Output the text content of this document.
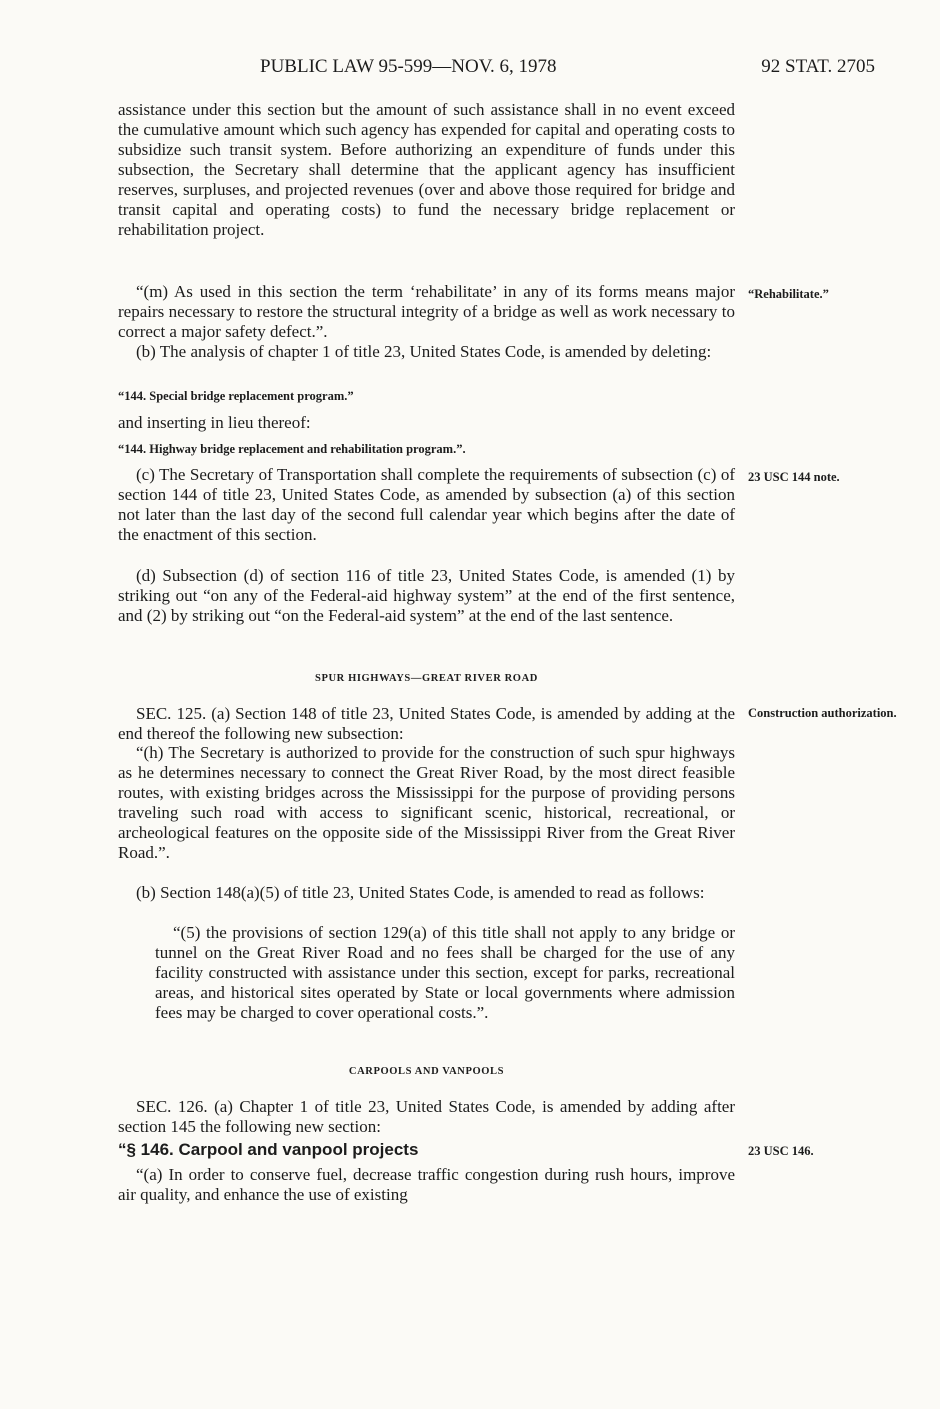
PUBLIC LAW 95-599—NOV. 6, 1978	92 STAT. 2705

assistance under this section but the amount of such assistance shall in no event exceed the cumulative amount which such agency has expended for capital and operating costs to subsidize such transit system. Before authorizing an expenditure of funds under this subsection, the Secretary shall determine that the applicant agency has insufficient reserves, surpluses, and projected revenues (over and above those required for bridge and transit capital and operating costs) to fund the necessary bridge replacement or rehabilitation project.

“(m) As used in this section the term ‘rehabilitate’ in any of its forms means major repairs necessary to restore the structural integrity of a bridge as well as work necessary to correct a major safety defect.”.

“Rehabilitate.”

(b) The analysis of chapter 1 of title 23, United States Code, is amended by deleting:

“144. Special bridge replacement program.”

and inserting in lieu thereof:

“144. Highway bridge replacement and rehabilitation program.”.

(c) The Secretary of Transportation shall complete the requirements of subsection (c) of section 144 of title 23, United States Code, as amended by subsection (a) of this section not later than the last day of the second full calendar year which begins after the date of the enactment of this section.

23 USC 144 note.

(d) Subsection (d) of section 116 of title 23, United States Code, is amended (1) by striking out “on any of the Federal-aid highway system” at the end of the first sentence, and (2) by striking out “on the Federal-aid system” at the end of the last sentence.

SPUR HIGHWAYS—GREAT RIVER ROAD

SEC. 125. (a) Section 148 of title 23, United States Code, is amended by adding at the end thereof the following new subsection:

Construction authorization.

“(h) The Secretary is authorized to provide for the construction of such spur highways as he determines necessary to connect the Great River Road, by the most direct feasible routes, with existing bridges across the Mississippi for the purpose of providing persons traveling such road with access to significant scenic, historical, recreational, or archeological features on the opposite side of the Mississippi River from the Great River Road.”.

(b) Section 148(a)(5) of title 23, United States Code, is amended to read as follows:

“(5) the provisions of section 129(a) of this title shall not apply to any bridge or tunnel on the Great River Road and no fees shall be charged for the use of any facility constructed with assistance under this section, except for parks, recreational areas, and historical sites operated by State or local governments where admission fees may be charged to cover operational costs.”.

CARPOOLS AND VANPOOLS

SEC. 126. (a) Chapter 1 of title 23, United States Code, is amended by adding after section 145 the following new section:

“§ 146. Carpool and vanpool projects	23 USC 146.

“(a) In order to conserve fuel, decrease traffic congestion during rush hours, improve air quality, and enhance the use of existing
